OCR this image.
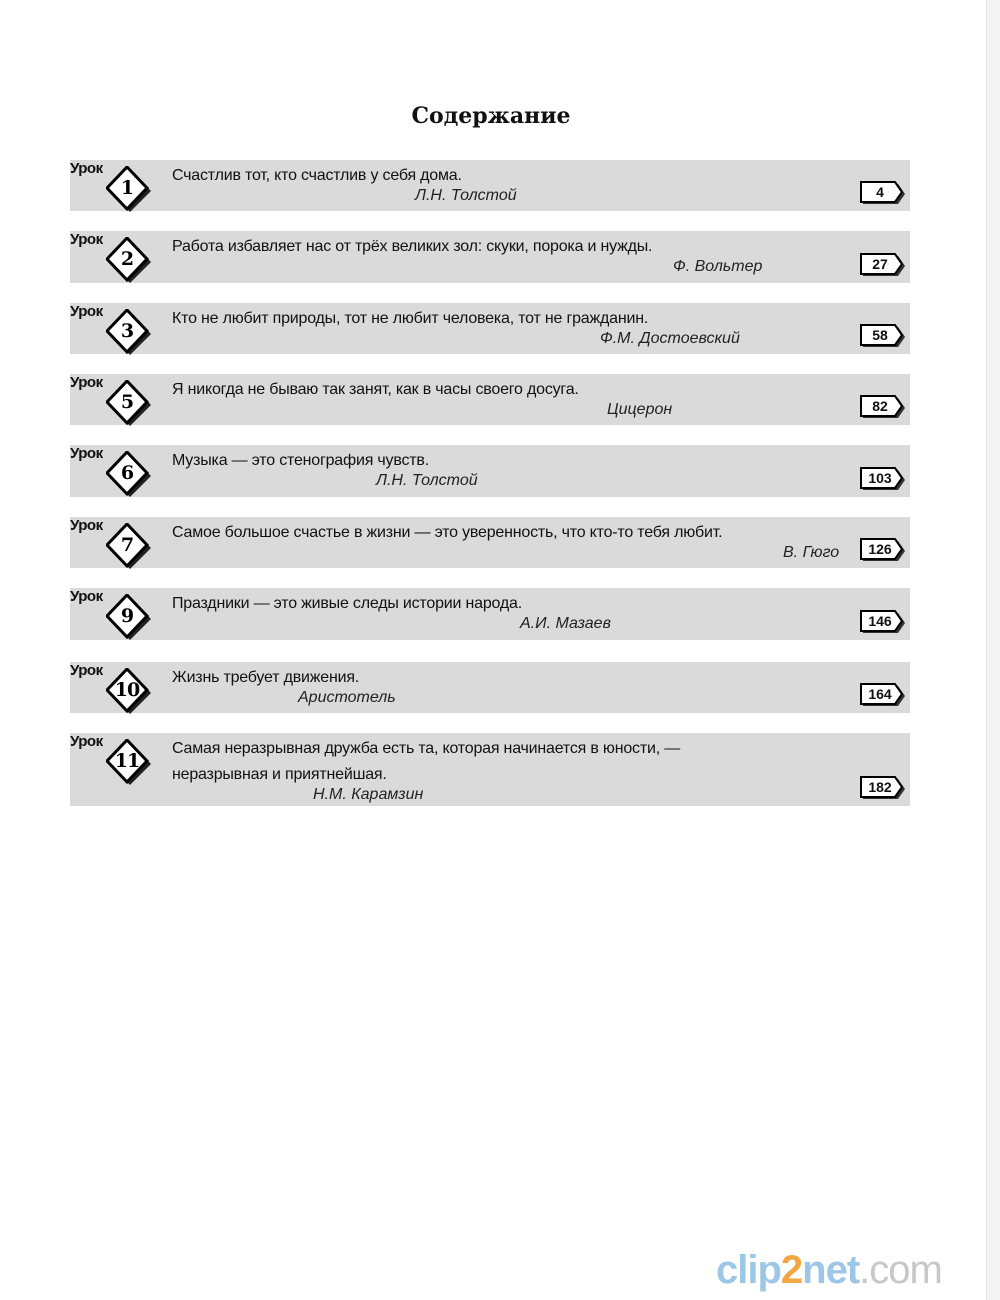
Содержание
Урок
1
Счастлив тот, кто счастлив у себя дома.
Л.Н. Толстой	4
Урок
2
Работа избавляет нас от трёх великих зол: скуки, порока и нужды.
Ф. Вольтер	27
Урок
3
Кто не любит природы, тот не любит человека, тот не гражданин.
Ф.М. Достоевский	58
Урок
5
Я никогда не бываю так занят, как в часы своего досуга.
Цицерон	82
Урок
6
Музыка — это стенография чувств.
Л.Н. Толстой	103
Урок
7
Самое большое счастье в жизни — это уверенность, что кто-то тебя любит.
В. Гюго	126
Урок
9
Праздники — это живые следы истории народа.
А.И. Мазаев	146
Урок
10
Жизнь требует движения.
Аристотель	164
Урок
11
Самая неразрывная дружба есть та, которая начинается в юности, —
неразрывная и приятнейшая.
Н.М. Карамзин	182
clip2net.com
